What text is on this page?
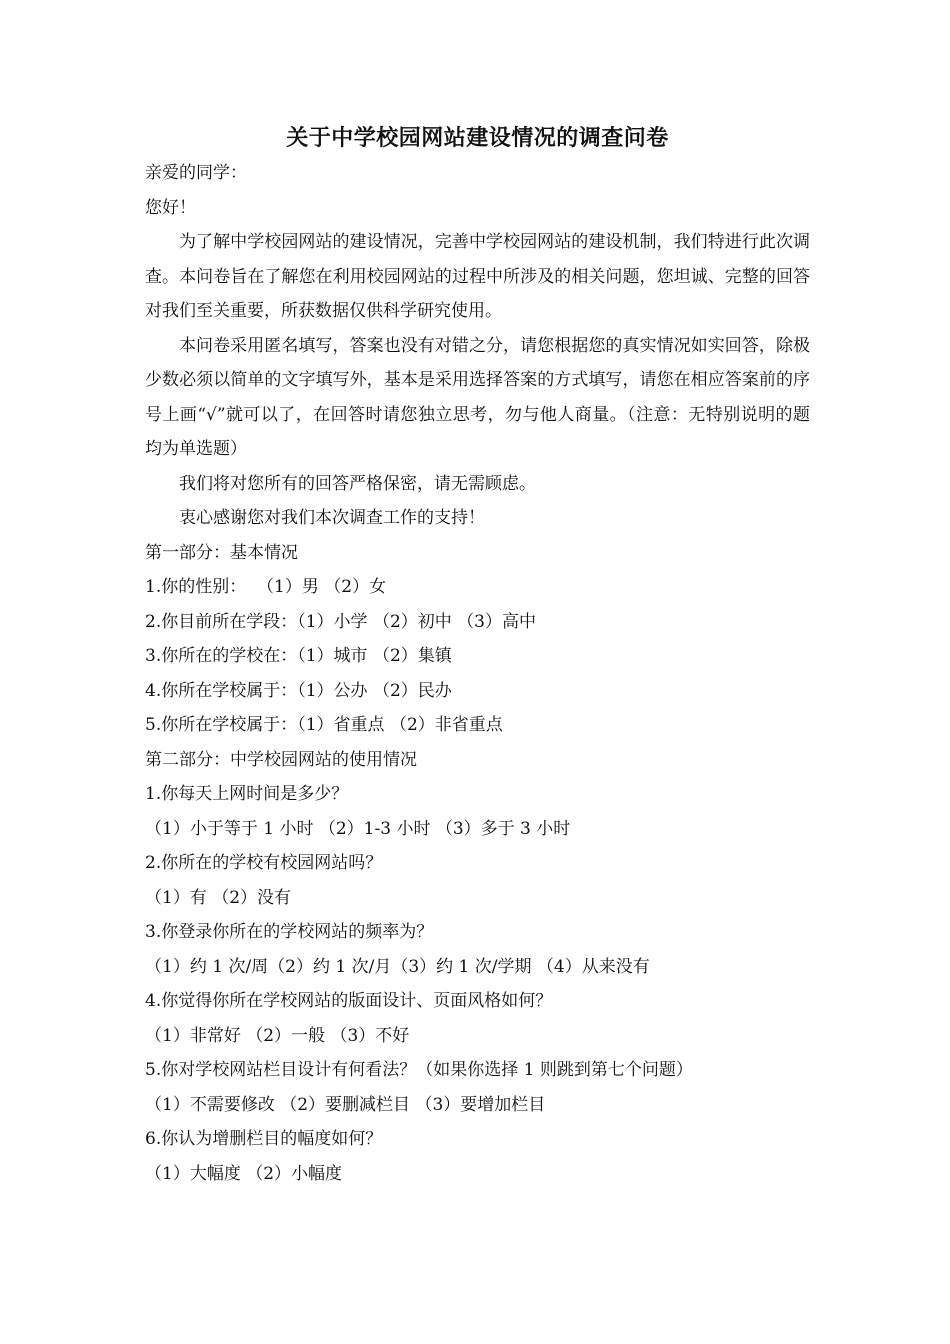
关于中学校园网站建设情况的调查问卷
亲爱的同学：
您好！

为了解中学校园网站的建设情况，完善中学校园网站的建设机制，我们特进行此次调查。本问卷旨在了解您在利用校园网站的过程中所涉及的相关问题，您坦诚、完整的回答对我们至关重要，所获数据仅供科学研究使用。

本问卷采用匿名填写，答案也没有对错之分，请您根据您的真实情况如实回答，除极少数必须以简单的文字填写外，基本是采用选择答案的方式填写，请您在相应答案前的序号上画“√”就可以了，在回答时请您独立思考，勿与他人商量。（注意：无特别说明的题均为单选题）

我们将对您所有的回答严格保密，请无需顾虑。

衷心感谢您对我们本次调查工作的支持！

第一部分：基本情况
1.你的性别：  （1）男 （2）女
2.你目前所在学段：（1）小学 （2）初中 （3）高中
3.你所在的学校在：（1）城市 （2）集镇
4.你所在学校属于：（1）公办 （2）民办
5.你所在学校属于：（1）省重点 （2）非省重点
第二部分：中学校园网站的使用情况
1.你每天上网时间是多少？
（1）小于等于 1 小时 （2）1-3 小时 （3）多于 3 小时
2.你所在的学校有校园网站吗？
（1）有 （2）没有
3.你登录你所在的学校网站的频率为？
（1）约 1 次/周（2）约 1 次/月（3）约 1 次/学期 （4）从来没有
4.你觉得你所在学校网站的版面设计、页面风格如何？
（1）非常好 （2）一般 （3）不好
5.你对学校网站栏目设计有何看法？（如果你选择 1 则跳到第七个问题）
（1）不需要修改 （2）要删减栏目 （3）要增加栏目
6.你认为增删栏目的幅度如何？
（1）大幅度 （2）小幅度
